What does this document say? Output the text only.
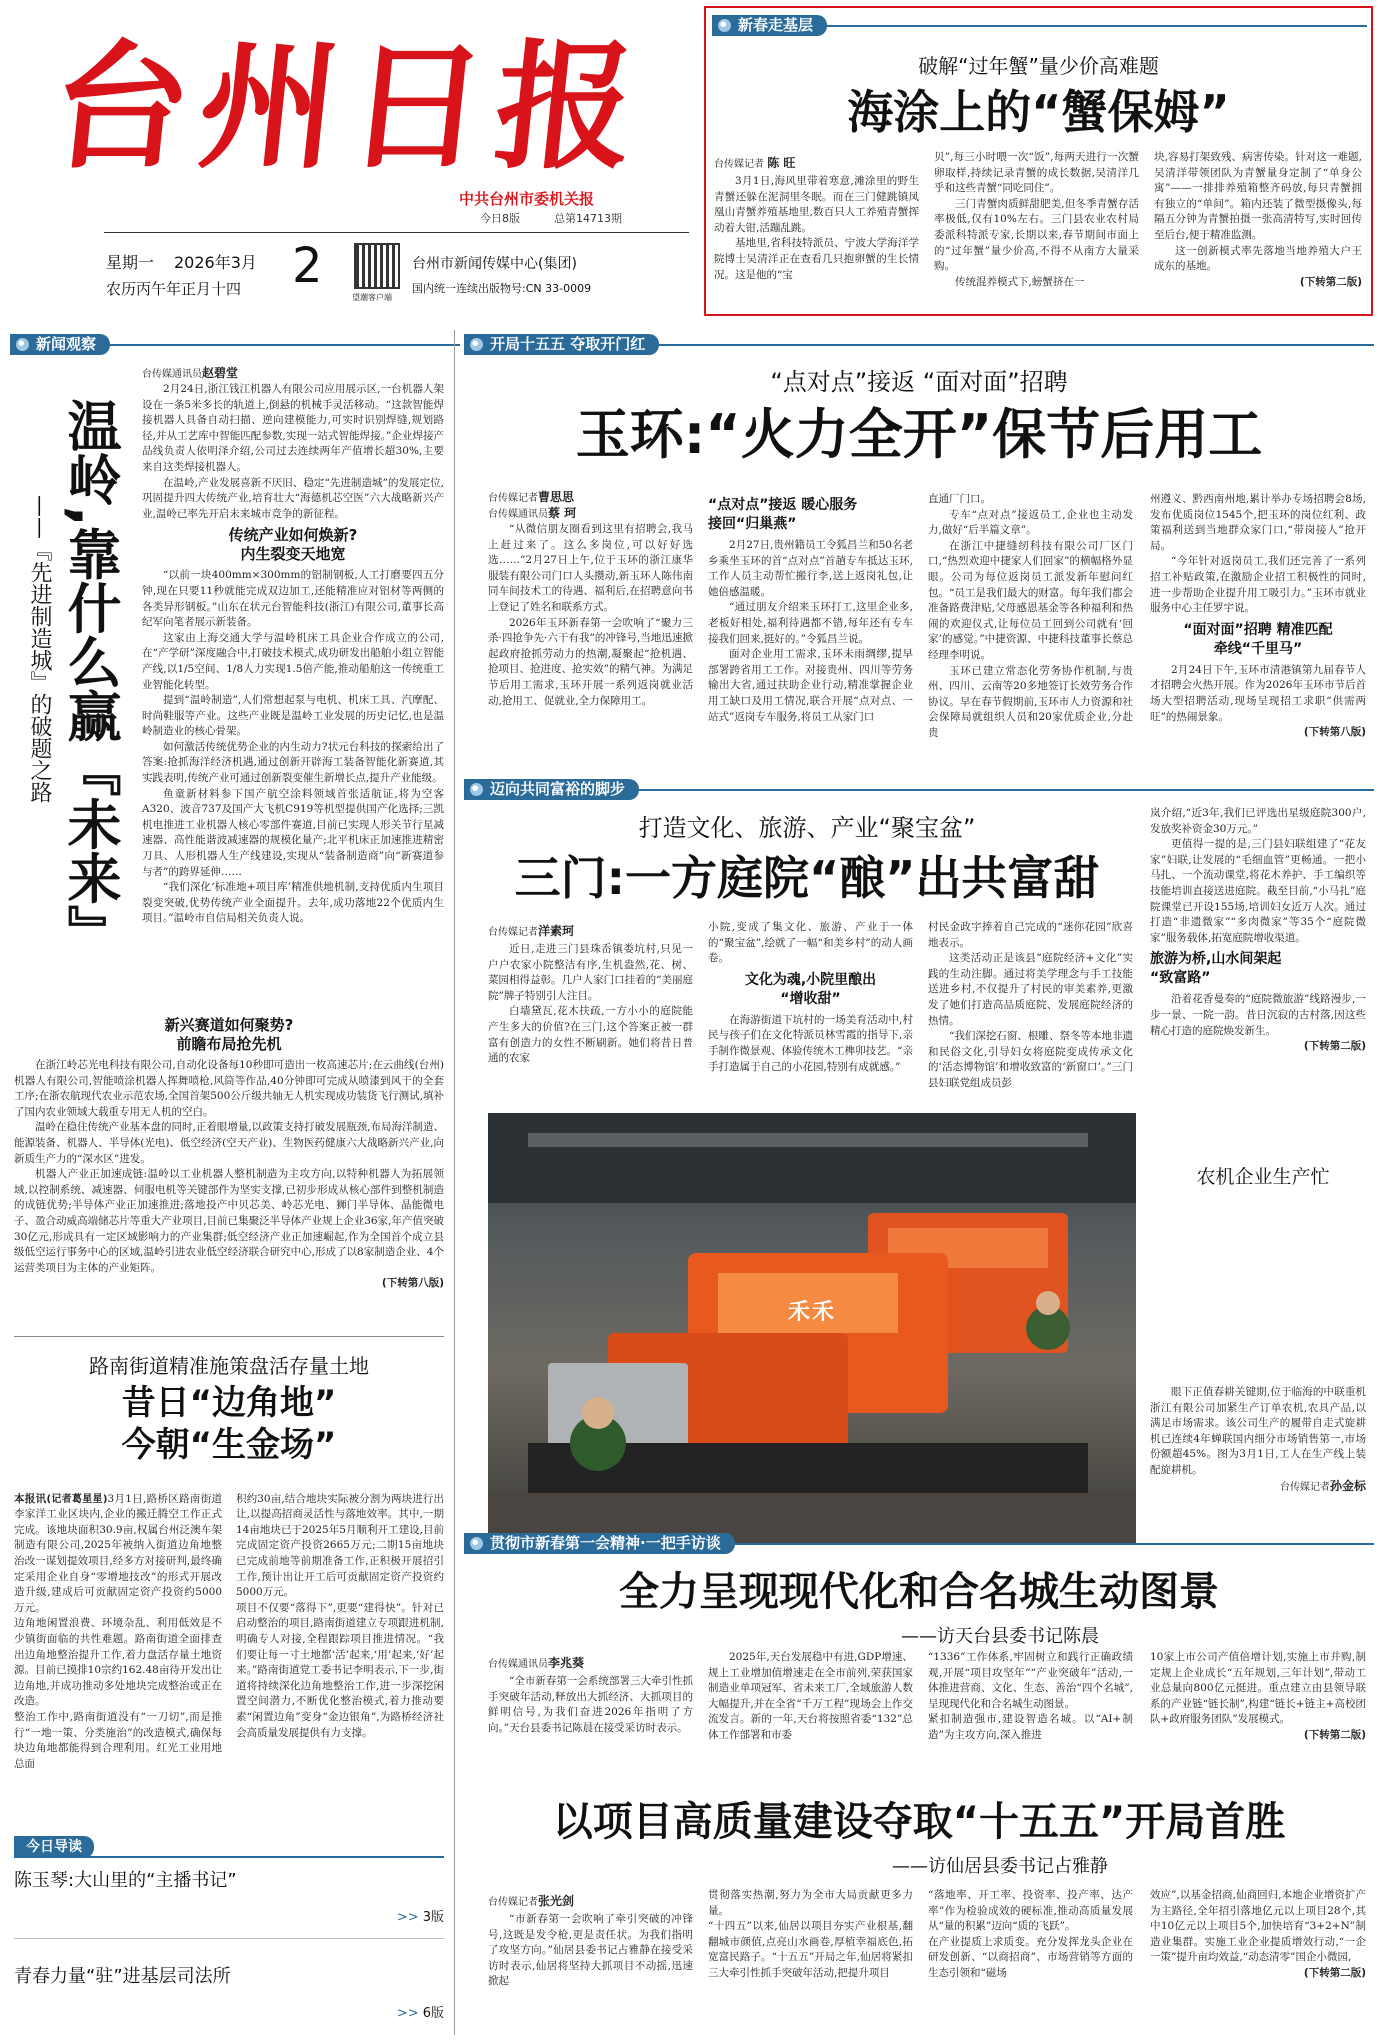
台州日报
中共台州市委机关报
今日8版	总第14713期
星期一 2026年3月 2
农历丙午年正月十四	望潮客户端
台州市新闻传媒中心(集团)
国内统一连续出版物号:CN 33-0009
新春走基层
破解“过年蟹”量少价高难题
海涂上的“蟹保姆”
台传媒记者 陈 旺

3月1日,海风里带着寒意,滩涂里的野生青蟹还躲在泥洞里冬眠。而在三门健跳镇凤凰山青蟹养殖基地里,数百只人工养殖青蟹挥动着大钳,活蹦乱跳。

基地里,省科技特派员、宁波大学海洋学院博士吴清洋正在查看几只抱卵蟹的生长情况。这是他的“宝

贝”,每三小时喂一次“饭”,每两天进行一次蟹卵取样,持续记录青蟹的成长数据,吴清洋几乎和这些青蟹“同吃同住”。

三门青蟹肉质鲜甜肥美,但冬季青蟹存活率极低,仅有10%左右。三门县农业农村局委派科特派专家,长期以来,春节期间市面上的“过年蟹”量少价高,不得不从南方大量采购。

传统混养模式下,螃蟹挤在一

块,容易打架致残、病害传染。针对这一难题,吴清洋带领团队为青蟹量身定制了“单身公寓”——一排排养殖箱整齐码放,每只青蟹拥有独立的“单间”。箱内还装了微型摄像头,每隔五分钟为青蟹拍摄一张高清特写,实时回传至后台,便于精准监测。

这一创新模式率先落地当地养殖大户王成东的基地。

(下转第二版)
新闻观察
温岭,靠什么赢『未来』
——『先进制造城』的破题之路
台传媒通讯员赵碧堂

2月24日,浙江钱江机器人有限公司应用展示区,一台机器人架设在一条5米多长的轨道上,倒悬的机械手灵活移动。“这款智能焊接机器人具备自动扫描、逆向建模能力,可实时识别焊缝,规划路径,并从工艺库中智能匹配参数,实现一站式智能焊接。”企业焊接产品线负责人依明泽介绍,公司过去连续两年产值增长超30%,主要来自这类焊接机器人。

在温岭,产业发展喜新不厌旧、稳定“先进制造城”的发展定位,巩固提升四大传统产业,培育壮大“海德机芯空医”六大战略新兴产业,温岭已率先开启未来城市竞争的新征程。

传统产业如何焕新?
内生裂变天地宽

“以前一块400mm×300mm的铝制钢板,人工打磨要四五分钟,现在只要11秒就能完成双边加工,还能精准应对铝材等两侧的各类异形钢板。”山东在状元台智能科技(浙江)有限公司,董事长高纪军向笔者展示新装备。

这家由上海交通大学与温岭机床工具企业合作成立的公司,在“产学研”深度融合中,打破技术模式,成功研发出船舶小组立智能产线,以1/5空间、1/8人力实现1.5倍产能,推动船舶这一传统重工业智能化转型。

提到“温岭制造”,人们常想起泵与电机、机床工具、汽摩配、时尚鞋服等产业。这些产业既是温岭工业发展的历史记忆,也是温岭制造业的核心骨架。

如何激活传统优势企业的内生动力?状元台科技的探索给出了答案:抢抓海洋经济机遇,通过创新开辟海工装备智能化新赛道,其实践表明,传统产业可通过创新裂变催生新增长点,提升产业能级。

鱼童新材料参下国产航空涂料领域首张适航证,将为空客A320、波音737及国产大飞机C919等机型提供国产化选择;三凯机电推进工业机器人核心零部件赛道,目前已实现人形关节行星减速器、高性能谐波减速器的规模化量产;北平机床正加速推进精密刀具、人形机器人生产线建设,实现从“装备制造商”向“新赛道参与者”的跨界延伸……

“我们深化‘标准地+项目库’精准供地机制,支持优质内生项目裂变突破,优势传统产业全面提升。去年,成功落地22个优质内生项目。”温岭市自信局相关负责人说。

新兴赛道如何聚势?
前瞻布局抢先机

在浙江岭芯光电科技有限公司,自动化设备每10秒即可造出一枚高速芯片;在云曲线(台州)机器人有限公司,智能喷涂机器人挥舞喷枪,风筒等作品,40分钟即可完成从喷漆到风干的全套工序;在浙农航现代农业示范农场,全国首架500公斤级共轴无人机实现成功装货飞行测试,填补了国内农业领域大载重专用无人机的空白。

温岭在稳住传统产业基本盘的同时,正着眼增量,以政策支持打破发展瓶颈,布局海洋制造、能源装备、机器人、半导体(光电)、低空经济(空天产业)、生物医药健康六大战略新兴产业,向新质生产力的“深水区”进发。

机器人产业正加速成链:温岭以工业机器人整机制造为主攻方向,以特种机器人为拓展领域,以控制系统、减速器、伺服电机等关键部件为坚实支撑,已初步形成从核心部件到整机制造的成链优势;半导体产业正加速推进;落地投产中贝芯美、岭芯光电、狮门半导体、晶能微电子、盈合动威高端储芯片等重大产业项目,目前已集聚泛半导体产业规上企业36家,年产值突破30亿元,形成具有一定区域影响力的产业集群;低空经济产业正加速崛起,作为全国首个成立县级低空运行事务中心的区域,温岭引进农业低空经济联合研究中心,形成了以8家制造企业、4个运营类项目为主体的产业矩阵。

(下转第八版)
路南街道精准施策盘活存量土地
昔日“边角地”
今朝“生金场”

本报讯(记者葛星星)3月1日,路桥区路南街道李家洋工业区块内,企业的搬迁腾空工作正式完成。该地块面积30.9亩,权属台州泛澳车架制造有限公司,2025年被纳入街道边角地整治改一谋划提效项目,经多方对接研判,最终确定采用企业自身“零增地技改”的形式开展改造升级,建成后可贡献固定资产投资约5000万元。
边角地闲置浪费、环境杂乱、利用低效是不少镇街面临的共性难题。路南街道全面排查出边角地整治提升工作,着力盘活存量土地资源。目前已摸排10宗约162.48亩待开发出让边角地,并成功推动多处地块完成整治或正在改造。
整治工作中,路南街道没有“一刀切”,而是推行“一地一策、分类施治”的改造模式,确保每块边角地都能得到合理利用。红光工业用地总面

积约30亩,结合地块实际被分割为两块进行出让,以提高招商灵活性与落地效率。其中,一期14亩地块已于2025年5月顺利开工建设,目前完成固定资产投资2665万元;二期15亩地块已完成前地等前期准备工作,正积极开展招引工作,预计出让开工后可贡献固定资产投资约5000万元。
项目不仅要“落得下”,更要“建得快”。针对已启动整治的项目,路南街道建立专项跟进机制,明确专人对接,全程跟踪项目推进情况。“我们要让每一寸土地都‘活’起来,‘用’起来,‘好’起来。”路南街道党工委书记李明表示,下一步,街道将持续深化边角地整治工作,进一步深挖闲置空间潜力,不断优化整治模式,着力推动要素“闲置边角”变身“金边银角”,为路桥经济社会高质量发展提供有力支撑。

今日导读
陈玉琴:大山里的“主播书记”
>> 3版
青春力量“驻”进基层司法所
>> 6版
开局十五五 夺取开门红
“点对点”接返 “面对面”招聘
玉环:“火力全开”保节后用工
台传媒记者曹思思
台传媒通讯员蔡 珂

“从微信朋友圈看到这里有招聘会,我马上赶过来了。这么多岗位,可以好好选选……”2月27日上午,位于玉环的浙江康华服装有限公司门口人头攒动,新玉环人陈伟南同车间技术工的待遇、福利后,在招聘意向书上登记了姓名和联系方式。

2026年玉环新春第一会吹响了“聚力三杀·四抢争先·六干有我”的冲锋号,当地迅速掀起政府抢抓劳动力的热潮,凝聚起“抢机遇、抢项目、抢进度、抢实效”的精气神。为满足节后用工需求,玉环开展一系列返岗就业活动,抢用工、促就业,全力保障用工。

“点对点”接返 暖心服务
接回“归巢燕”

2月27日,贵州籍员工令狐昌兰和50名老乡乘坐玉环的首“点对点”首趟专车抵达玉环,工作人员主动帮忙搬行李,送上返岗礼包,让她倍感温暖。

“通过朋友介绍来玉环打工,这里企业多,老板好相处,福利待遇都不错,每年还有专车接我们回来,挺好的。”令狐昌兰说。

面对企业用工需求,玉环未雨绸缪,提早部署跨省用工工作。对接贵州、四川等劳务输出大省,通过扶助企业行动,精准掌握企业用工缺口及用工情况,联合开展“点对点、一站式”返岗专车服务,将员工从家门口

直通厂门口。

专车“点对点”接返员工,企业也主动发力,做好“后半篇文章”。

在浙江中捷缝纫科技有限公司厂区门口,“热烈欢迎中捷家人们回家”的横幅格外显眼。公司为每位返岗员工派发新年慰问红包。“员工是我们最大的财富。每年我们都会准备路费津贴,父母感恩基金等各种福利和热闹的欢迎仪式,让每位员工回到公司就有‘回家’的感觉。”中捷资源、中捷科技董事长蔡总经理李明说。

玉环已建立常态化劳务协作机制,与贵州、四川、云南等20多地签订长效劳务合作协议。早在春节假期前,玉环市人力资源和社会保障局就组织人员和20家优质企业,分赴贵

州遵义、黔西南州地,累计举办专场招聘会8场,发布优质岗位1545个,把玉环的岗位红利、政策福利送到当地群众家门口,“带岗接人”抢开局。

“今年针对返岗员工,我们还完善了一系列招工补贴政策,在激励企业招工积极性的同时,进一步帮助企业提升用工吸引力。”玉环市就业服务中心主任罗宇说。

“面对面”招聘 精准匹配
牵线“千里马”

2月24日下午,玉环市清港镇第九届春节人才招聘会火热开展。作为2026年玉环市节后首场大型招聘活动,现场呈现招工求职“供需两旺”的热闹景象。

(下转第八版)
迈向共同富裕的脚步
打造文化、旅游、产业“聚宝盆”
三门:一方庭院“酿”出共富甜
台传媒记者洋素珂

近日,走进三门县珠岙镇娄坑村,只见一户户农家小院整洁有序,生机盎然,花、树、菜园相得益彰。几户人家门口挂着的“美丽庭院”牌子特别引人注目。

白墙黛瓦,花木扶疏,一方小小的庭院能产生多大的价值?在三门,这个答案正被一群富有创造力的女性不断刷新。她们将昔日普通的农家

小院,变成了集文化、旅游、产业于一体的“聚宝盆”,绘就了一幅“和美乡村”的动人画卷。

文化为魂,小院里酿出
“增收甜”

在海游街道下坑村的一场美育活动中,村民与孩子们在文化特派员林雪霞的指导下,亲手制作微景观、体验传统木工榫卯技艺。“亲手打造属于自己的小花园,特别有成就感。”

村民金政宇捧着自己完成的“迷你花园”欣喜地表示。

这类活动正是该县“庭院经济+文化”实践的生动注脚。通过将美学理念与手工技能送进乡村,不仅提升了村民的审美素养,更激发了她们打造高品质庭院、发展庭院经济的热情。

“我们深挖石窗、根雕、祭冬等本地非遗和民俗文化,引导妇女将庭院变成传承文化的‘活态博物馆’和增收致富的‘新窗口’。”三门县妇联党组成员彭

岚介绍,“近3年,我们已评选出星级庭院300户,发放奖补资金30万元。”

更值得一提的是,三门县妇联组建了“花友家”妇联,让发展的“毛细血管”更畅通。一把小马扎、一个流动课堂,将花木养护、手工编织等技能培训直接送进庭院。截至目前,“小马扎”庭院课堂已开设155场,培训妇女近万人次。通过打造“非遗微家”“多肉微家”等35个“庭院微家”服务载体,拓宽庭院增收渠道。

旅游为桥,山水间架起
“致富路”

沿着花香曼奏的“庭院微旅游”线路漫步,一步一景、一院一韵。昔日沉寂的古村落,因这些精心打造的庭院焕发新生。

(下转第二版)
禾禾
农机企业生产忙

眼下正值春耕关键期,位于临海的中联重机浙江有限公司加紧生产订单农机,农具产品,以满足市场需求。该公司生产的履带自走式旋耕机已连续4年蝉联国内细分市场销售第一,市场份额超45%。图为3月1日,工人在生产线上装配旋耕机。

台传媒记者孙金标
贯彻市新春第一会精神·一把手访谈
全力呈现现代化和合名城生动图景
——访天台县委书记陈晨
台传媒通讯员李兆葵

“全市新春第一会系统部署三大牵引性抓手突破年活动,释放出大抓经济、大抓项目的鲜明信号,为我们奋进2026年指明了方向。”天台县委书记陈晨在接受采访时表示。

2025年,天台发展稳中有进,GDP增速、规上工业增加值增速走在全市前列,荣获国家制造业单项冠军、省未来工厂,全域旅游人数大幅提升,并在全省“千万工程”现场会上作交流发言。新的一年,天台将按照省委“132”总体工作部署和市委

“1336”工作体系,牢固树立和践行正确政绩观,开展“项目攻坚年”“产业突破年”活动,一体推进营商、文化、生态、善治“四个名城”,呈现现代化和合名城生动图景。
紧扣制造强市,建设智造名城。以“AI+制造”为主攻方向,深入推进
10家上市公司产值倍增计划,实施上市并购,制定规上企业成长“五年规划,三年计划”,带动工业总量向800亿元挺进。重点建立由县领导联系的产业链“链长制”,构建“链长+链主+高校团队+政府服务团队”发展模式。
(下转第二版)
以项目高质量建设夺取“十五五”开局首胜
——访仙居县委书记占雅静
台传媒记者张光剑

“市新春第一会吹响了牵引突破的冲锋号,这既是发令枪,更是责任状。为我们指明了攻坚方向。”仙居县委书记占雅静在接受采访时表示,仙居将坚持大抓项目不动摇,迅速掀起

贯彻落实热潮,努力为全市大局贡献更多力量。
“十四五”以来,仙居以项目夯实产业根基,翻翻城市颜值,点亮山水画卷,厚植幸福底色,拓宽富民路子。“十五五”开局之年,仙居将紧扣三大牵引性抓手突破年活动,把提升项目
“落地率、开工率、投资率、投产率、达产率”作为检验成效的硬标准,推动高质量发展从“量的积累”迈向“质的飞跃”。
在产业提质上求质变。充分发挥龙头企业在研发创新、“以商招商”、市场营销等方面的生态引领和“磁场
效应”,以基金招商,仙商回归,本地企业增资扩产为主路径,全年招引落地亿元以上项目28个,其中10亿元以上项目5个,加快培育“3+2+N”制造业集群。实施工业企业提质增效行动,“一企一策”提升亩均效益,“动态清零”国企小微园,
(下转第二版)
